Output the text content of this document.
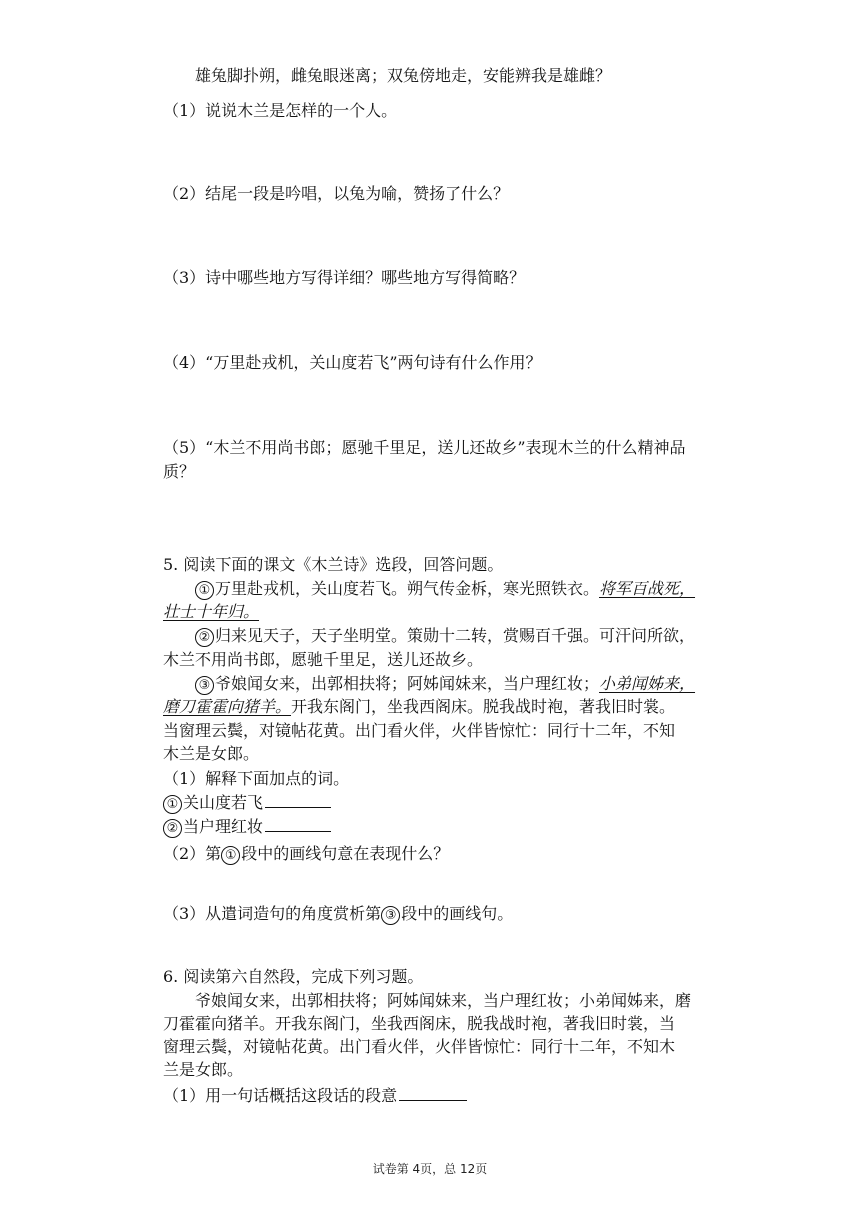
雄兔脚扑朔，雌兔眼迷离；双兔傍地走，安能辨我是雄雌？
（1）说说木兰是怎样的一个人。
（2）结尾一段是吟唱，以兔为喻，赞扬了什么？
（3）诗中哪些地方写得详细？哪些地方写得简略？
（4）“万里赴戎机，关山度若飞”两句诗有什么作用？
（5）“木兰不用尚书郎；愿驰千里足，送儿还故乡”表现木兰的什么精神品
质？
5. 阅读下面的课文《木兰诗》选段，回答问题。
① 万里赴戎机，关山度若飞。朔气传金柝，寒光照铁衣。将军百战死，
壮士十年归。
② 归来见天子，天子坐明堂。策勋十二转，赏赐百千强。可汗问所欲，
木兰不用尚书郎，愿驰千里足，送儿还故乡。
③ 爷娘闻女来，出郭相扶将；阿姊闻妹来，当户理红妆；小弟闻姊来，
磨刀霍霍向猪羊。开我东阁门，坐我西阁床。脱我战时袍，著我旧时裳。
当窗理云鬓，对镜帖花黄。出门看火伴，火伴皆惊忙：同行十二年，不知
木兰是女郎。
（1）解释下面加点的词。
① 关山度若飞
② 当户理红妆
（2）第 ① 段中的画线句意在表现什么？
（3）从遣词造句的角度赏析第 ③ 段中的画线句。
6. 阅读第六自然段，完成下列习题。
爷娘闻女来，出郭相扶将；阿姊闻妹来，当户理红妆；小弟闻姊来，磨
刀霍霍向猪羊。开我东阁门，坐我西阁床，脱我战时袍，著我旧时裳，当
窗理云鬓，对镜帖花黄。出门看火伴，火伴皆惊忙：同行十二年，不知木
兰是女郎。
（1）用一句话概括这段话的段意
试卷第 4页，总 12页
